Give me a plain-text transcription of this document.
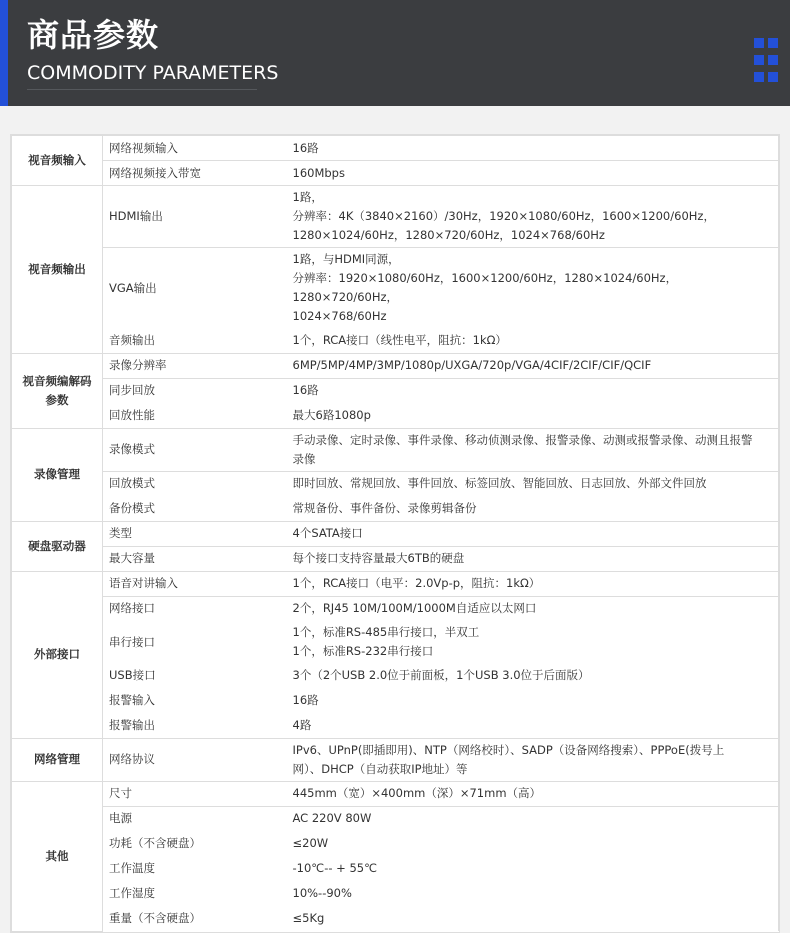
商品参数
COMMODITY PARAMETERS
视音频输入	网络视频输入	16路

	网络视频接入带宽	160Mbps

视音频输出	HDMI输出	1路，
分辨率：4K（3840×2160）/30Hz，1920×1080/60Hz，1600×1200/60Hz，
1280×1024/60Hz，1280×720/60Hz，1024×768/60Hz

	VGA输出	1路，与HDMI同源，
分辨率：1920×1080/60Hz，1600×1200/60Hz，1280×1024/60Hz，1280×720/60Hz，
1024×768/60Hz

	音频输出	1个，RCA接口（线性电平，阻抗：1kΩ）

视音频编解码参数	录像分辨率	6MP/5MP/4MP/3MP/1080p/UXGA/720p/VGA/4CIF/2CIF/CIF/QCIF

	同步回放	16路

	回放性能	最大6路1080p

录像管理	录像模式	手动录像、定时录像、事件录像、移动侦测录像、报警录像、动测或报警录像、动测且报警
录像

	回放模式	即时回放、常规回放、事件回放、标签回放、智能回放、日志回放、外部文件回放

	备份模式	常规备份、事件备份、录像剪辑备份

硬盘驱动器	类型	4个SATA接口

	最大容量	每个接口支持容量最大6TB的硬盘

外部接口	语音对讲输入	1个，RCA接口（电平：2.0Vp-p，阻抗：1kΩ）

	网络接口	2个，RJ45 10M/100M/1000M自适应以太网口

	串行接口	1个，标准RS-485串行接口，半双工
1个，标准RS-232串行接口

	USB接口	3个（2个USB 2.0位于前面板，1个USB 3.0位于后面版）

	报警输入	16路

	报警输出	4路

网络管理	网络协议	IPv6、UPnP(即插即用)、NTP（网络校时）、SADP（设备网络搜索）、PPPoE(拨号上
网）、DHCP（自动获取IP地址）等

其他	尺寸	445mm（宽）×400mm（深）×71mm（高）

	电源	AC 220V 80W

	功耗（不含硬盘）	≤20W

	工作温度	-10℃-- + 55℃

	工作湿度	10%--90%

	重量（不含硬盘）	≤5Kg
